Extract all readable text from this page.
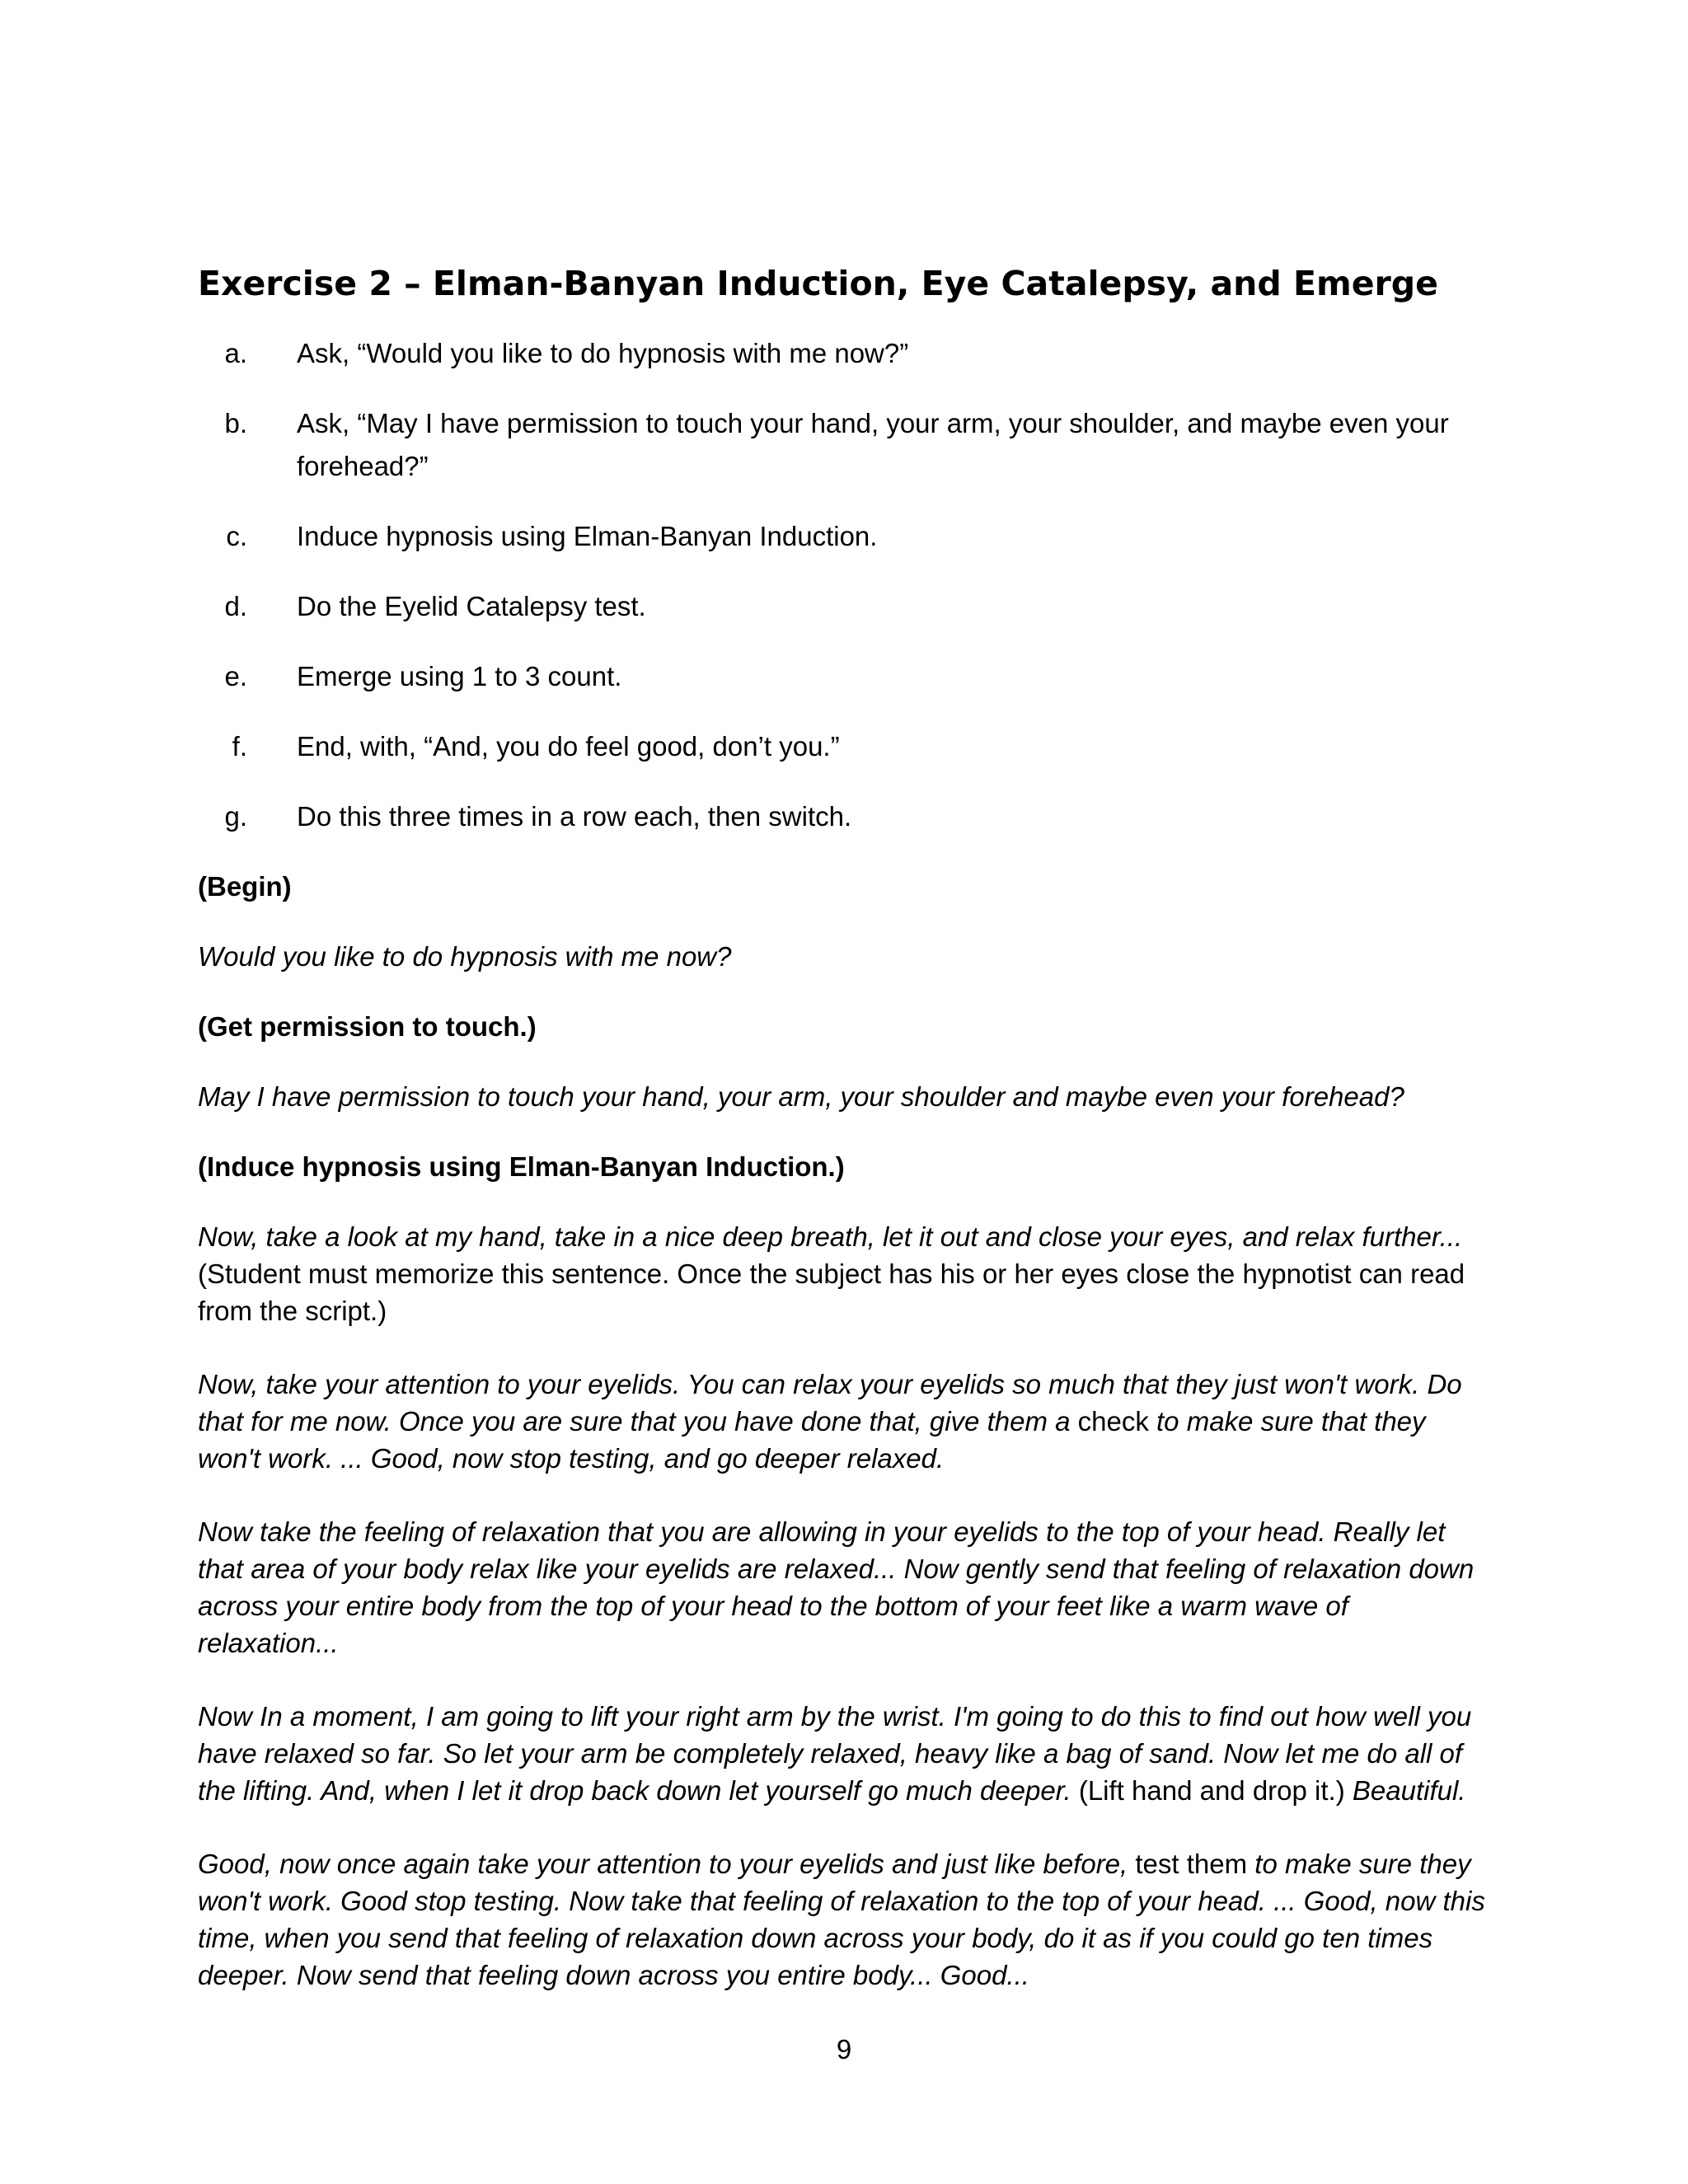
Exercise 2 – Elman-Banyan Induction, Eye Catalepsy, and Emerge
a.	Ask, “Would you like to do hypnosis with me now?”
b.	Ask, “May I have permission to touch your hand, your arm, your shoulder, and maybe even your forehead?”
c.	Induce hypnosis using Elman-Banyan Induction.
d.	Do the Eyelid Catalepsy test.
e.	Emerge using 1 to 3 count.
f.	End, with, “And, you do feel good, don’t you.”
g.	Do this three times in a row each, then switch.

(Begin)

Would you like to do hypnosis with me now?

(Get permission to touch.)

May I have permission to touch your hand, your arm, your shoulder and maybe even your forehead?

(Induce hypnosis using Elman-Banyan Induction.)

Now, take a look at my hand, take in a nice deep breath, let it out and close your eyes, and relax further... (Student must memorize this sentence. Once the subject has his or her eyes close the hypnotist can read from the script.)

Now, take your attention to your eyelids. You can relax your eyelids so much that they just won't work. Do that for me now. Once you are sure that you have done that, give them a check to make sure that they won't work. ... Good, now stop testing, and go deeper relaxed.

Now take the feeling of relaxation that you are allowing in your eyelids to the top of your head. Really let that area of your body relax like your eyelids are relaxed... Now gently send that feeling of relaxation down across your entire body from the top of your head to the bottom of your feet like a warm wave of relaxation...

Now In a moment, I am going to lift your right arm by the wrist. I'm going to do this to find out how well you have relaxed so far. So let your arm be completely relaxed, heavy like a bag of sand. Now let me do all of the lifting. And, when I let it drop back down let yourself go much deeper. (Lift hand and drop it.) Beautiful.

Good, now once again take your attention to your eyelids and just like before, test them to make sure they won't work. Good stop testing. Now take that feeling of relaxation to the top of your head. ... Good, now this time, when you send that feeling of relaxation down across your body, do it as if you could go ten times deeper. Now send that feeling down across you entire body... Good...

9
